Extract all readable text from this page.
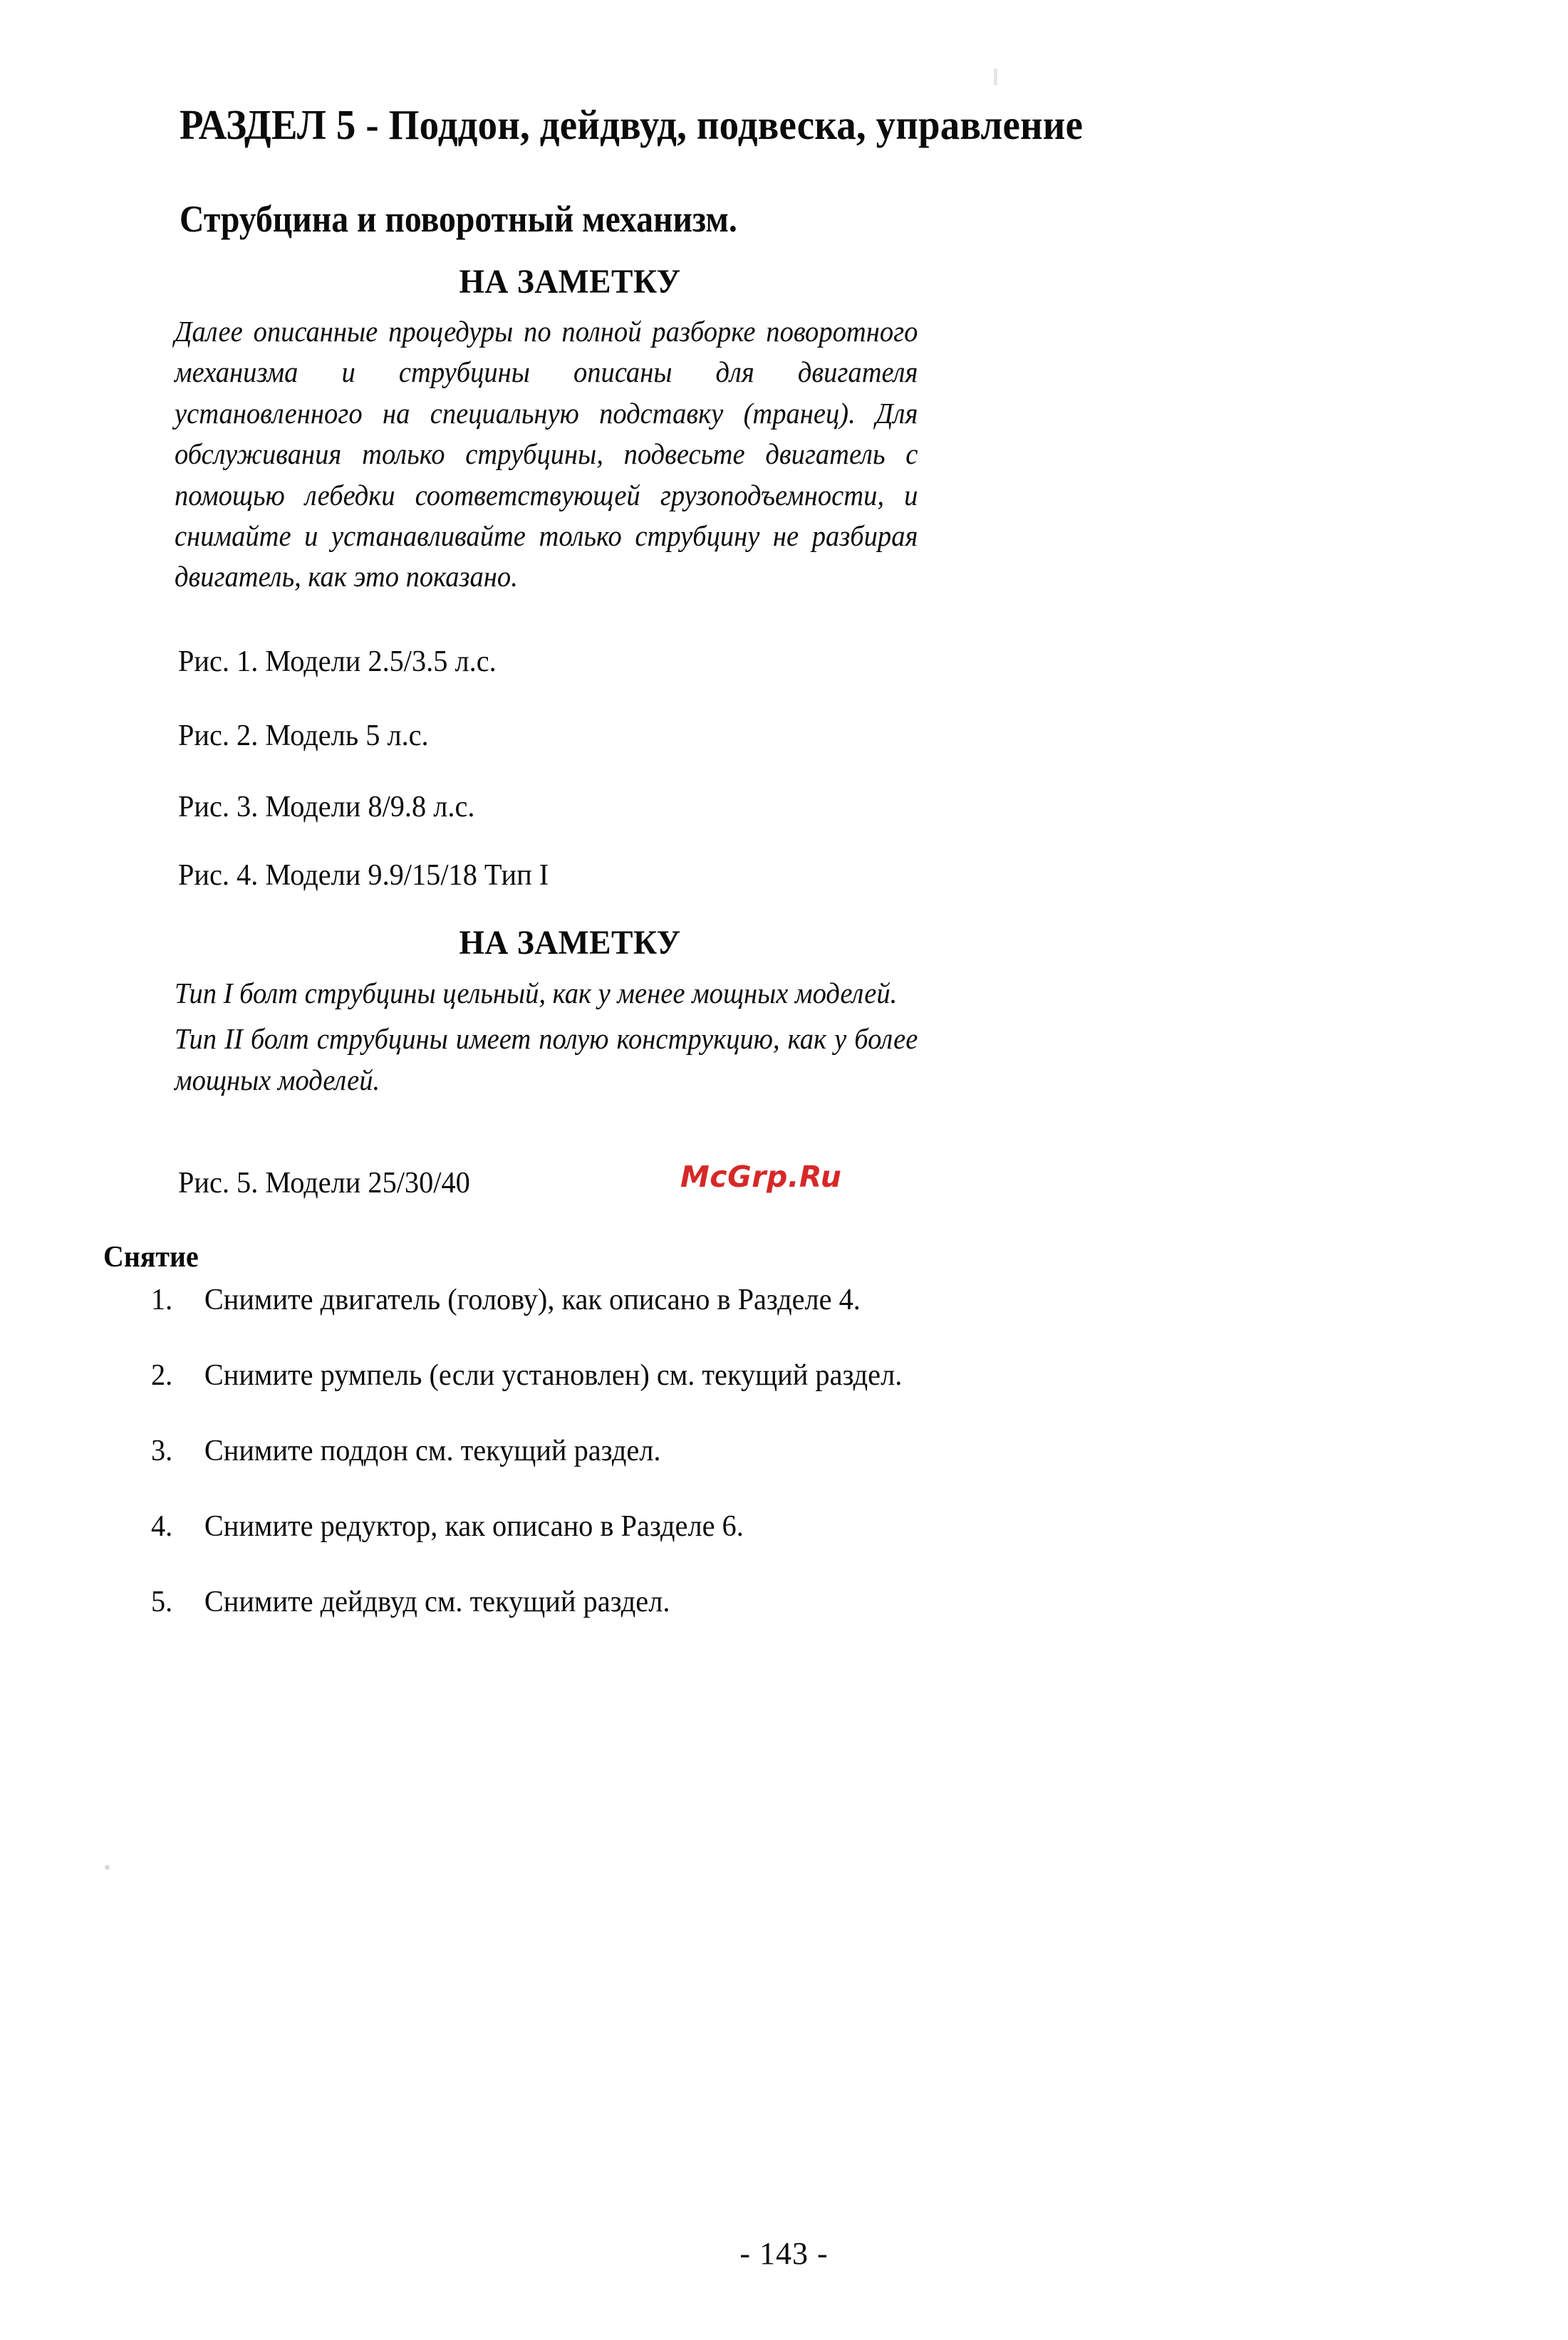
РАЗДЕЛ 5 - Поддон, дейдвуд, подвеска, управление
Струбцина и поворотный механизм.
НА ЗАМЕТКУ

Далее описанные процедуры по полной разборке поворотного механизма и струбцины описаны для двигателя установленного на специальную подставку (транец). Для обслуживания только струбцины, подвесьте двигатель с помощью лебедки соответствующей грузоподъемности, и снимайте и устанавливайте только струбцину не разбирая двигатель, как это показано.

Рис. 1. Модели 2.5/3.5 л.с.
Рис. 2. Модель 5 л.с.
Рис. 3. Модели 8/9.8 л.с.
Рис. 4. Модели 9.9/15/18 Тип I
НА ЗАМЕТКУ

Тип I болт струбцины цельный, как у менее мощных моделей.

Тип II болт струбцины имеет полую конструкцию, как у более мощных моделей.

Рис. 5. Модели 25/30/40	McGrp.Ru
Снятие
1.	Снимите двигатель (голову), как описано в Разделе 4.
2.	Снимите румпель (если установлен) см. текущий раздел.
3.	Снимите поддон см. текущий раздел.
4.	Снимите редуктор, как описано в Разделе 6.
5.	Снимите дейдвуд см. текущий раздел.
- 143 -
